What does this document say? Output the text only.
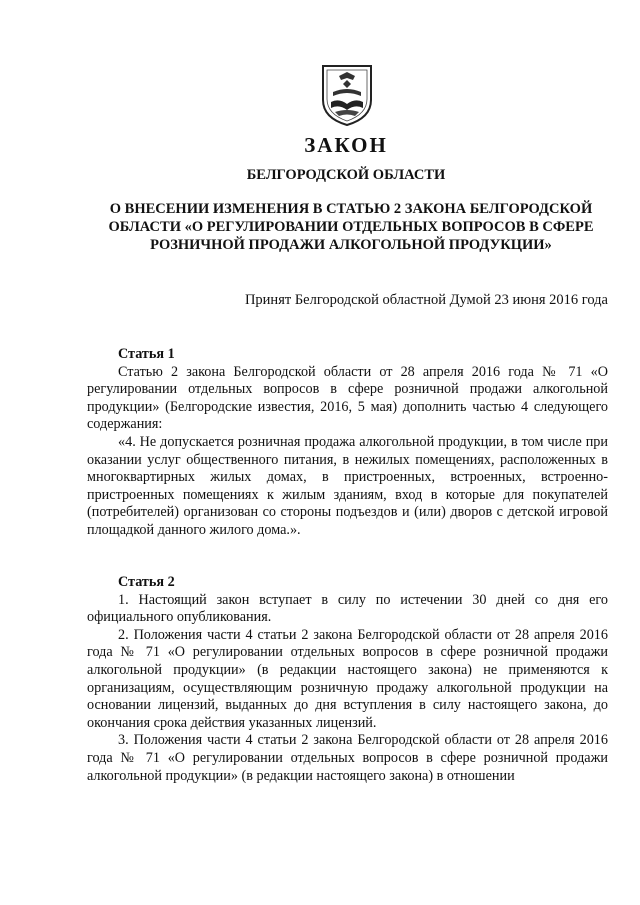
ЗАКОН
БЕЛГОРОДСКОЙ ОБЛАСТИ
О ВНЕСЕНИИ ИЗМЕНЕНИЯ В СТАТЬЮ 2 ЗАКОНА БЕЛГОРОДСКОЙ ОБЛАСТИ «О РЕГУЛИРОВАНИИ ОТДЕЛЬНЫХ ВОПРОСОВ В СФЕРЕ РОЗНИЧНОЙ ПРОДАЖИ АЛКОГОЛЬНОЙ ПРОДУКЦИИ»
Принят Белгородской областной Думой 23 июня 2016 года
Статья 1

Статью 2 закона Белгородской области от 28 апреля 2016 года № 71 «О регулировании отдельных вопросов в сфере розничной продажи алкогольной продукции» (Белгородские известия, 2016, 5 мая) дополнить частью 4 следующего содержания:

«4. Не допускается розничная продажа алкогольной продукции, в том числе при оказании услуг общественного питания, в нежилых помещениях, расположенных в многоквартирных жилых домах, в пристроенных, встроенных, встроенно-пристроенных помещениях к жилым зданиям, вход в которые для покупателей (потребителей) организован со стороны подъездов и (или) дворов с детской игровой площадкой данного жилого дома.».

Статья 2

1. Настоящий закон вступает в силу по истечении 30 дней со дня его официального опубликования.

2. Положения части 4 статьи 2 закона Белгородской области от 28 апреля 2016 года № 71 «О регулировании отдельных вопросов в сфере розничной продажи алкогольной продукции» (в редакции настоящего закона) не применяются к организациям, осуществляющим розничную продажу алкогольной продукции на основании лицензий, выданных до дня вступления в силу настоящего закона, до окончания срока действия указанных лицензий.

3. Положения части 4 статьи 2 закона Белгородской области от 28 апреля 2016 года № 71 «О регулировании отдельных вопросов в сфере розничной продажи алкогольной продукции» (в редакции настоящего закона) в отношении
